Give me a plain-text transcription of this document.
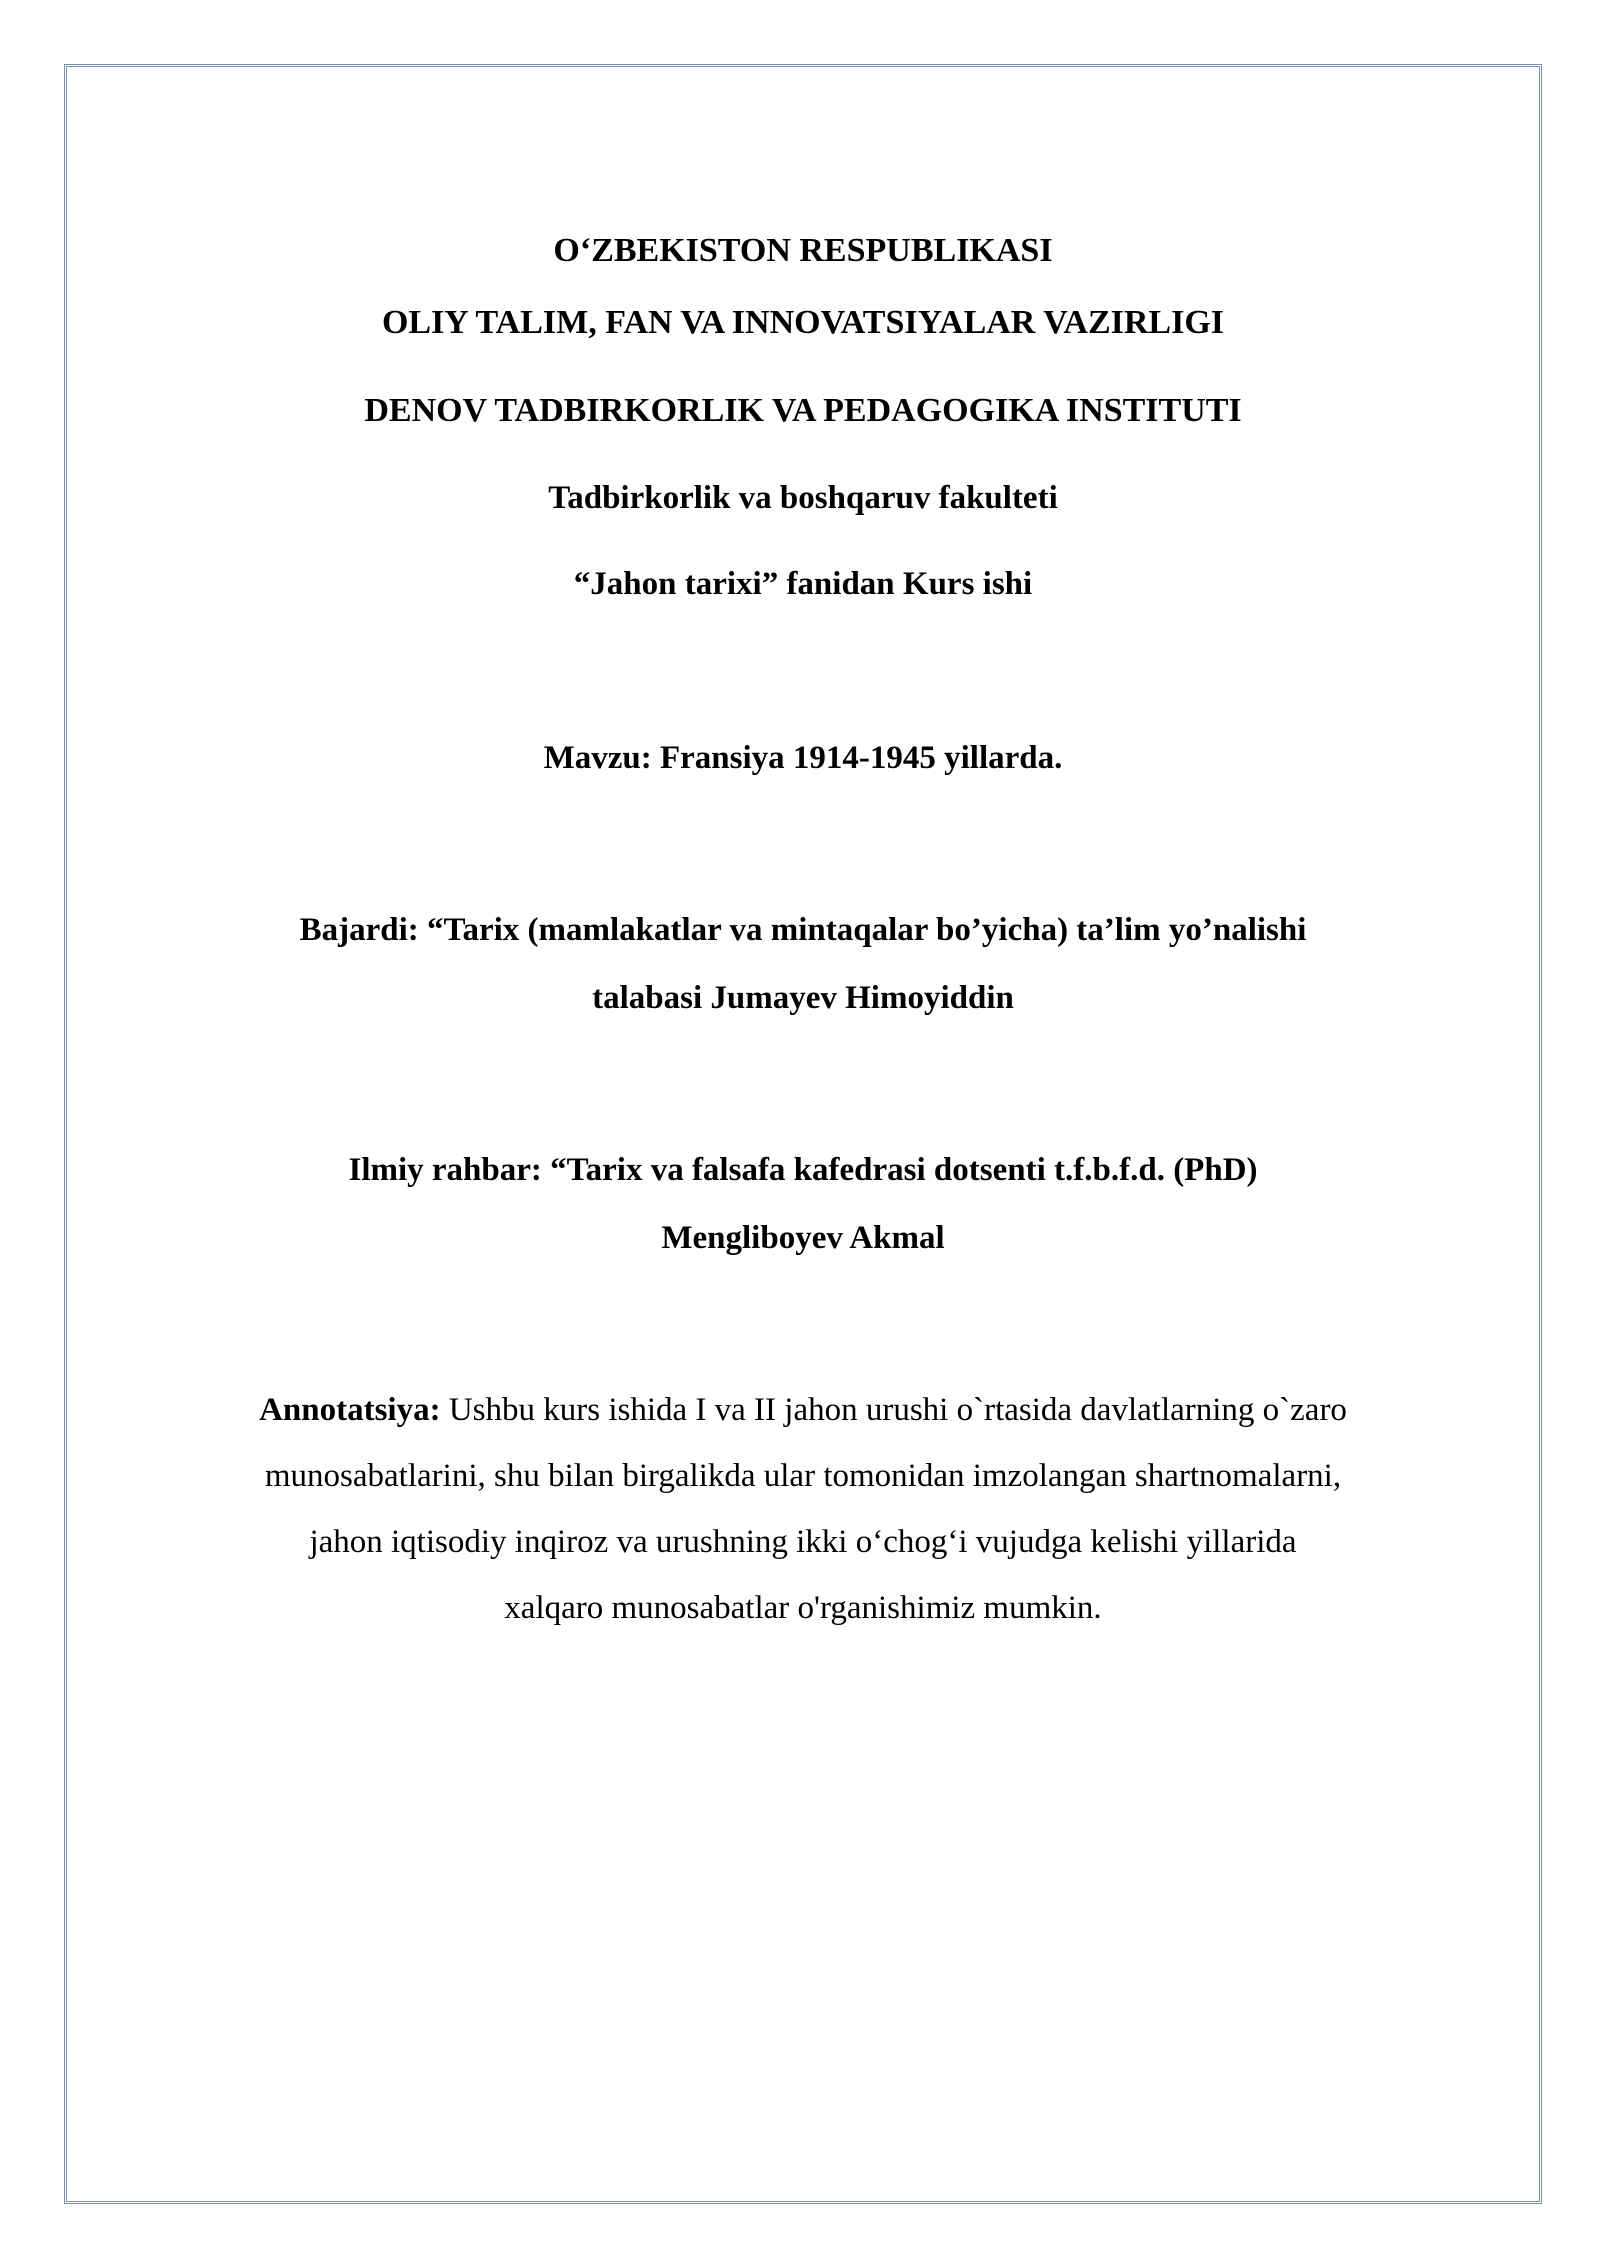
O‘ZBEKISTON RESPUBLIKASI
OLIY TALIM, FAN VA INNOVATSIYALAR VAZIRLIGI
DENOV TADBIRKORLIK VA PEDAGOGIKA INSTITUTI
Tadbirkorlik va boshqaruv fakulteti
“Jahon tarixi” fanidan Kurs ishi
Mavzu: Fransiya 1914-1945 yillarda.
Bajardi: “Tarix (mamlakatlar va mintaqalar bo’yicha) ta’lim yo’nalishi
talabasi Jumayev Himoyiddin
Ilmiy rahbar: “Tarix va falsafa kafedrasi dotsenti t.f.b.f.d. (PhD)
Mengliboyev Akmal
Annotatsiya: Ushbu kurs ishida I va II jahon urushi o`rtasida davlatlarning o`zaro
munosabatlarini, shu bilan birgalikda ular tomonidan imzolangan shartnomalarni,
jahon iqtisodiy inqiroz va urushning ikki o‘chog‘i vujudga kelishi yillarida
xalqaro munosabatlar o'rganishimiz mumkin.
